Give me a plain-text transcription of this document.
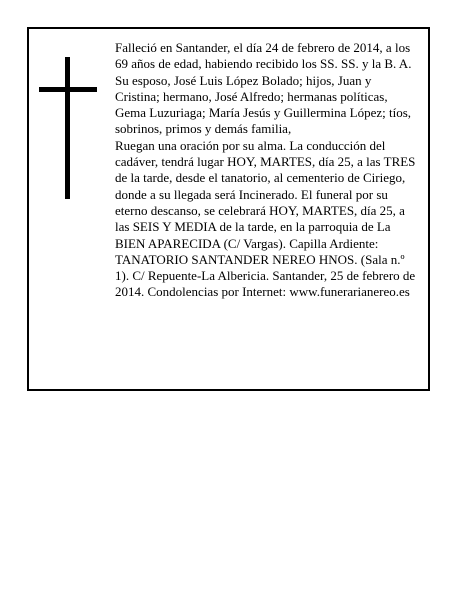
Falleció en Santander, el día 24 de febrero de 2014, a los 69 años de edad, habiendo recibido los SS. SS. y la B. A.

Su esposo, José Luis López Bolado; hijos, Juan y Cristina; hermano, José Alfredo; hermanas políticas, Gema Luzuriaga; María Jesús y Guillermina López; tíos, sobrinos, primos y demás familia,

Ruegan una oración por su alma. La conducción del cadáver, tendrá lugar HOY, MARTES, día 25, a las TRES de la tarde, desde el tanatorio, al cementerio de Ciriego, donde a su llegada será Incinerado. El funeral por su eterno descanso, se celebrará HOY, MARTES, día 25, a las SEIS Y MEDIA de la tarde, en la parroquia de La BIEN APARECIDA (C/ Vargas). Capilla Ardiente: TANATORIO SANTANDER NEREO HNOS. (Sala n.º 1). C/ Repuente-La Albericia. Santander, 25 de febrero de 2014. Condolencias por Internet: www.funerarianereo.es
